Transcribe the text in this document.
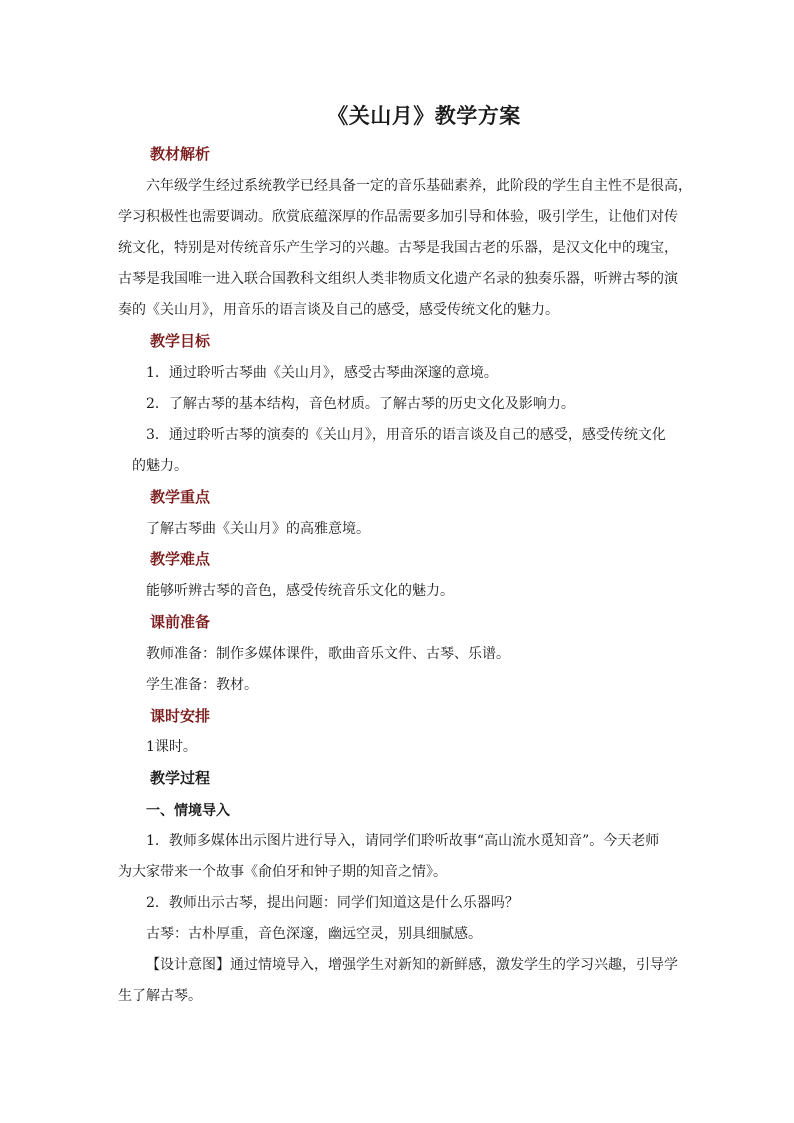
《关山月》教学方案
教材解析
六年级学生经过系统教学已经具备一定的音乐基础素养，此阶段的学生自主性不是很高，
学习积极性也需要调动。欣赏底蕴深厚的作品需要多加引导和体验，吸引学生，让他们对传
统文化，特别是对传统音乐产生学习的兴趣。古琴是我国古老的乐器，是汉文化中的瑰宝，
古琴是我国唯一进入联合国教科文组织人类非物质文化遗产名录的独奏乐器，听辨古琴的演
奏的《关山月》，用音乐的语言谈及自己的感受，感受传统文化的魅力。
教学目标
1．通过聆听古琴曲《关山月》，感受古琴曲深邃的意境。
2．了解古琴的基本结构，音色材质。了解古琴的历史文化及影响力。
3．通过聆听古琴的演奏的《关山月》，用音乐的语言谈及自己的感受，感受传统文化
的魅力。
教学重点
了解古琴曲《关山月》的高雅意境。
教学难点
能够听辨古琴的音色，感受传统音乐文化的魅力。
课前准备
教师准备：制作多媒体课件，歌曲音乐文件、古琴、乐谱。
学生准备：教材。
课时安排
1课时。
教学过程
一、情境导入
1．教师多媒体出示图片进行导入，请同学们聆听故事“高山流水觅知音”。今天老师
为大家带来一个故事《俞伯牙和钟子期的知音之情》。
2．教师出示古琴，提出问题：同学们知道这是什么乐器吗？
古琴：古朴厚重，音色深邃，幽远空灵，别具细腻感。
【设计意图】通过情境导入，增强学生对新知的新鲜感，激发学生的学习兴趣，引导学
生了解古琴。
